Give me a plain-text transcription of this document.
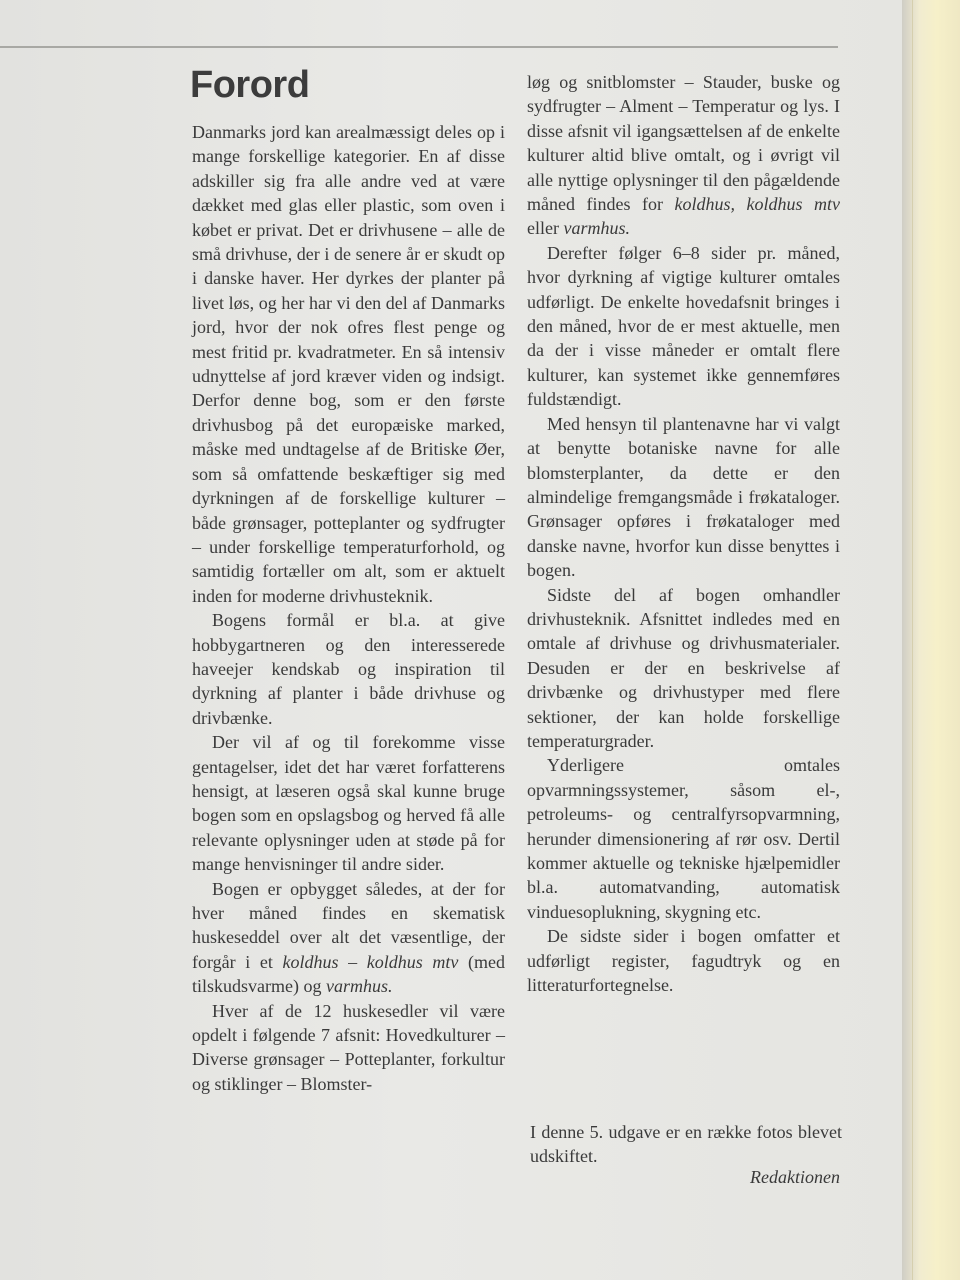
Forord

Danmarks jord kan arealmæssigt deles op i mange forskellige kategorier. En af disse adskiller sig fra alle andre ved at være dækket med glas eller plastic, som oven i købet er privat. Det er drivhusene – alle de små drivhuse, der i de senere år er skudt op i danske haver. Her dyrkes der planter på livet løs, og her har vi den del af Danmarks jord, hvor der nok ofres flest penge og mest fritid pr. kvadratmeter. En så intensiv udnyttelse af jord kræver viden og indsigt. Derfor denne bog, som er den første drivhusbog på det europæiske marked, måske med undtagelse af de Britiske Øer, som så omfattende beskæftiger sig med dyrkningen af de forskellige kulturer – både grønsager, potteplanter og sydfrugter – under forskellige temperaturforhold, og samtidig fortæller om alt, som er aktuelt inden for moderne drivhusteknik.

Bogens formål er bl.a. at give hobbygartneren og den interesserede haveejer kendskab og inspiration til dyrkning af planter i både drivhuse og drivbænke.

Der vil af og til forekomme visse gentagelser, idet det har været forfatterens hensigt, at læseren også skal kunne bruge bogen som en opslagsbog og herved få alle relevante oplysninger uden at støde på for mange henvisninger til andre sider.

Bogen er opbygget således, at der for hver måned findes en skematisk huskeseddel over alt det væsentlige, der forgår i et koldhus – koldhus mtv (med tilskudsvarme) og varmhus.

Hver af de 12 huskesedler vil være opdelt i følgende 7 afsnit: Hovedkulturer – Diverse grønsager – Potteplanter, forkultur og stiklinger – Blomster-

løg og snitblomster – Stauder, buske og sydfrugter – Alment – Temperatur og lys. I disse afsnit vil igangsættelsen af de enkelte kulturer altid blive omtalt, og i øvrigt vil alle nyttige oplysninger til den pågældende måned findes for koldhus, koldhus mtv eller varmhus.

Derefter følger 6–8 sider pr. måned, hvor dyrkning af vigtige kulturer omtales udførligt. De enkelte hovedafsnit bringes i den måned, hvor de er mest aktuelle, men da der i visse måneder er omtalt flere kulturer, kan systemet ikke gennemføres fuldstændigt.

Med hensyn til plantenavne har vi valgt at benytte botaniske navne for alle blomsterplanter, da dette er den almindelige fremgangsmåde i frøkataloger. Grønsager opføres i frøkataloger med danske navne, hvorfor kun disse benyttes i bogen.

Sidste del af bogen omhandler drivhusteknik. Afsnittet indledes med en omtale af drivhuse og drivhusmaterialer. Desuden er der en beskrivelse af drivbænke og drivhustyper med flere sektioner, der kan holde forskellige temperaturgrader.

Yderligere omtales opvarmningssystemer, såsom el-, petroleums- og centralfyrsopvarmning, herunder dimensionering af rør osv. Dertil kommer aktuelle og tekniske hjælpemidler bl.a. automatvanding, automatisk vinduesoplukning, skygning etc.

De sidste sider i bogen omfatter et udførligt register, fagudtryk og en litteraturfortegnelse.

I denne 5. udgave er en række fotos blevet udskiftet.
Redaktionen
